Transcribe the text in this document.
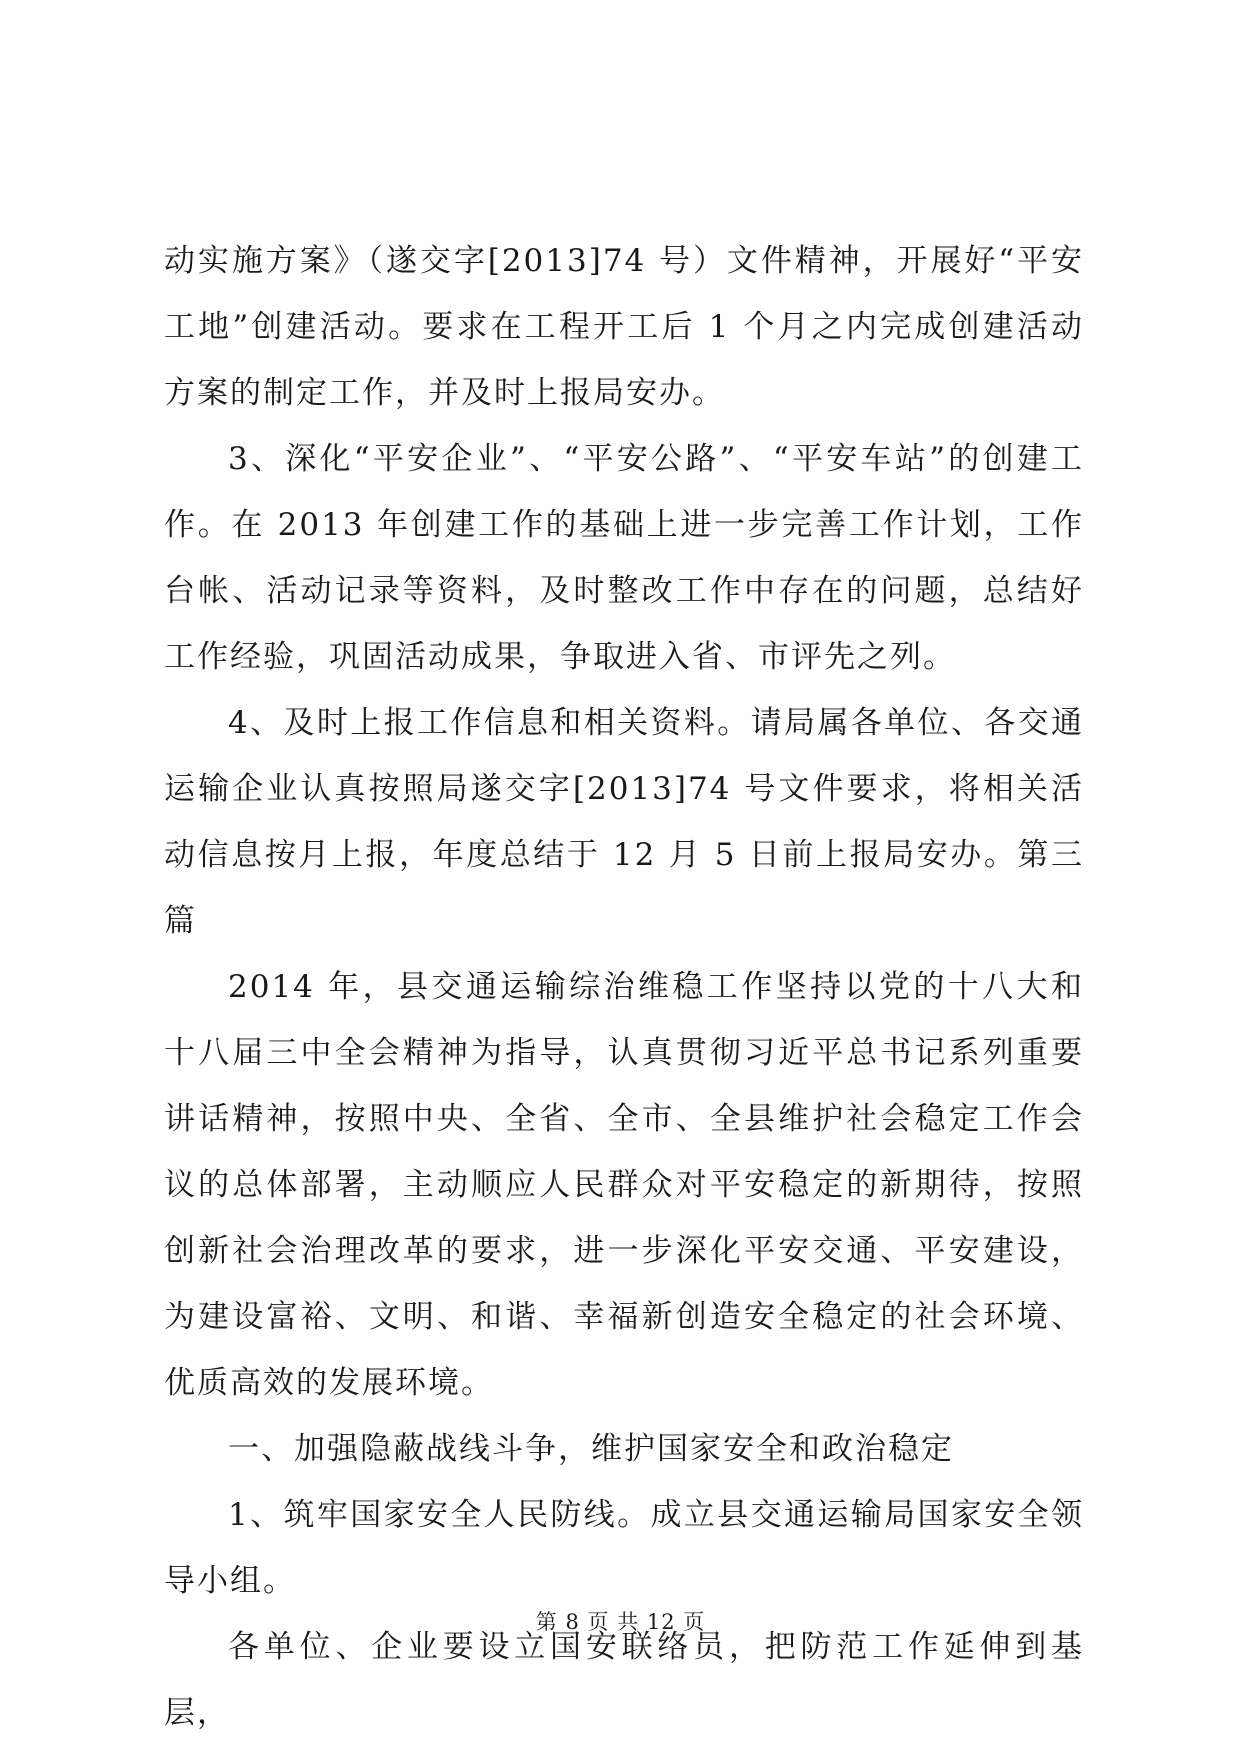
动实施方案》（遂交字[2013]74 号）文件精神，开展好“平安工地”创建活动。要求在工程开工后 1 个月之内完成创建活动方案的制定工作，并及时上报局安办。

3、深化“平安企业”、“平安公路”、“平安车站”的创建工作。在 2013 年创建工作的基础上进一步完善工作计划，工作台帐、活动记录等资料，及时整改工作中存在的问题，总结好工作经验，巩固活动成果，争取进入省、市评先之列。

4、及时上报工作信息和相关资料。请局属各单位、各交通运输企业认真按照局遂交字[2013]74 号文件要求，将相关活动信息按月上报，年度总结于 12 月 5 日前上报局安办。第三篇

2014 年，县交通运输综治维稳工作坚持以党的十八大和十八届三中全会精神为指导，认真贯彻习近平总书记系列重要讲话精神，按照中央、全省、全市、全县维护社会稳定工作会议的总体部署，主动顺应人民群众对平安稳定的新期待，按照创新社会治理改革的要求，进一步深化平安交通、平安建设，为建设富裕、文明、和谐、幸福新创造安全稳定的社会环境、优质高效的发展环境。

一、加强隐蔽战线斗争，维护国家安全和政治稳定

1、筑牢国家安全人民防线。成立县交通运输局国家安全领导小组。

各单位、企业要设立国安联络员，把防范工作延伸到基层，

第 8 页 共 12 页
